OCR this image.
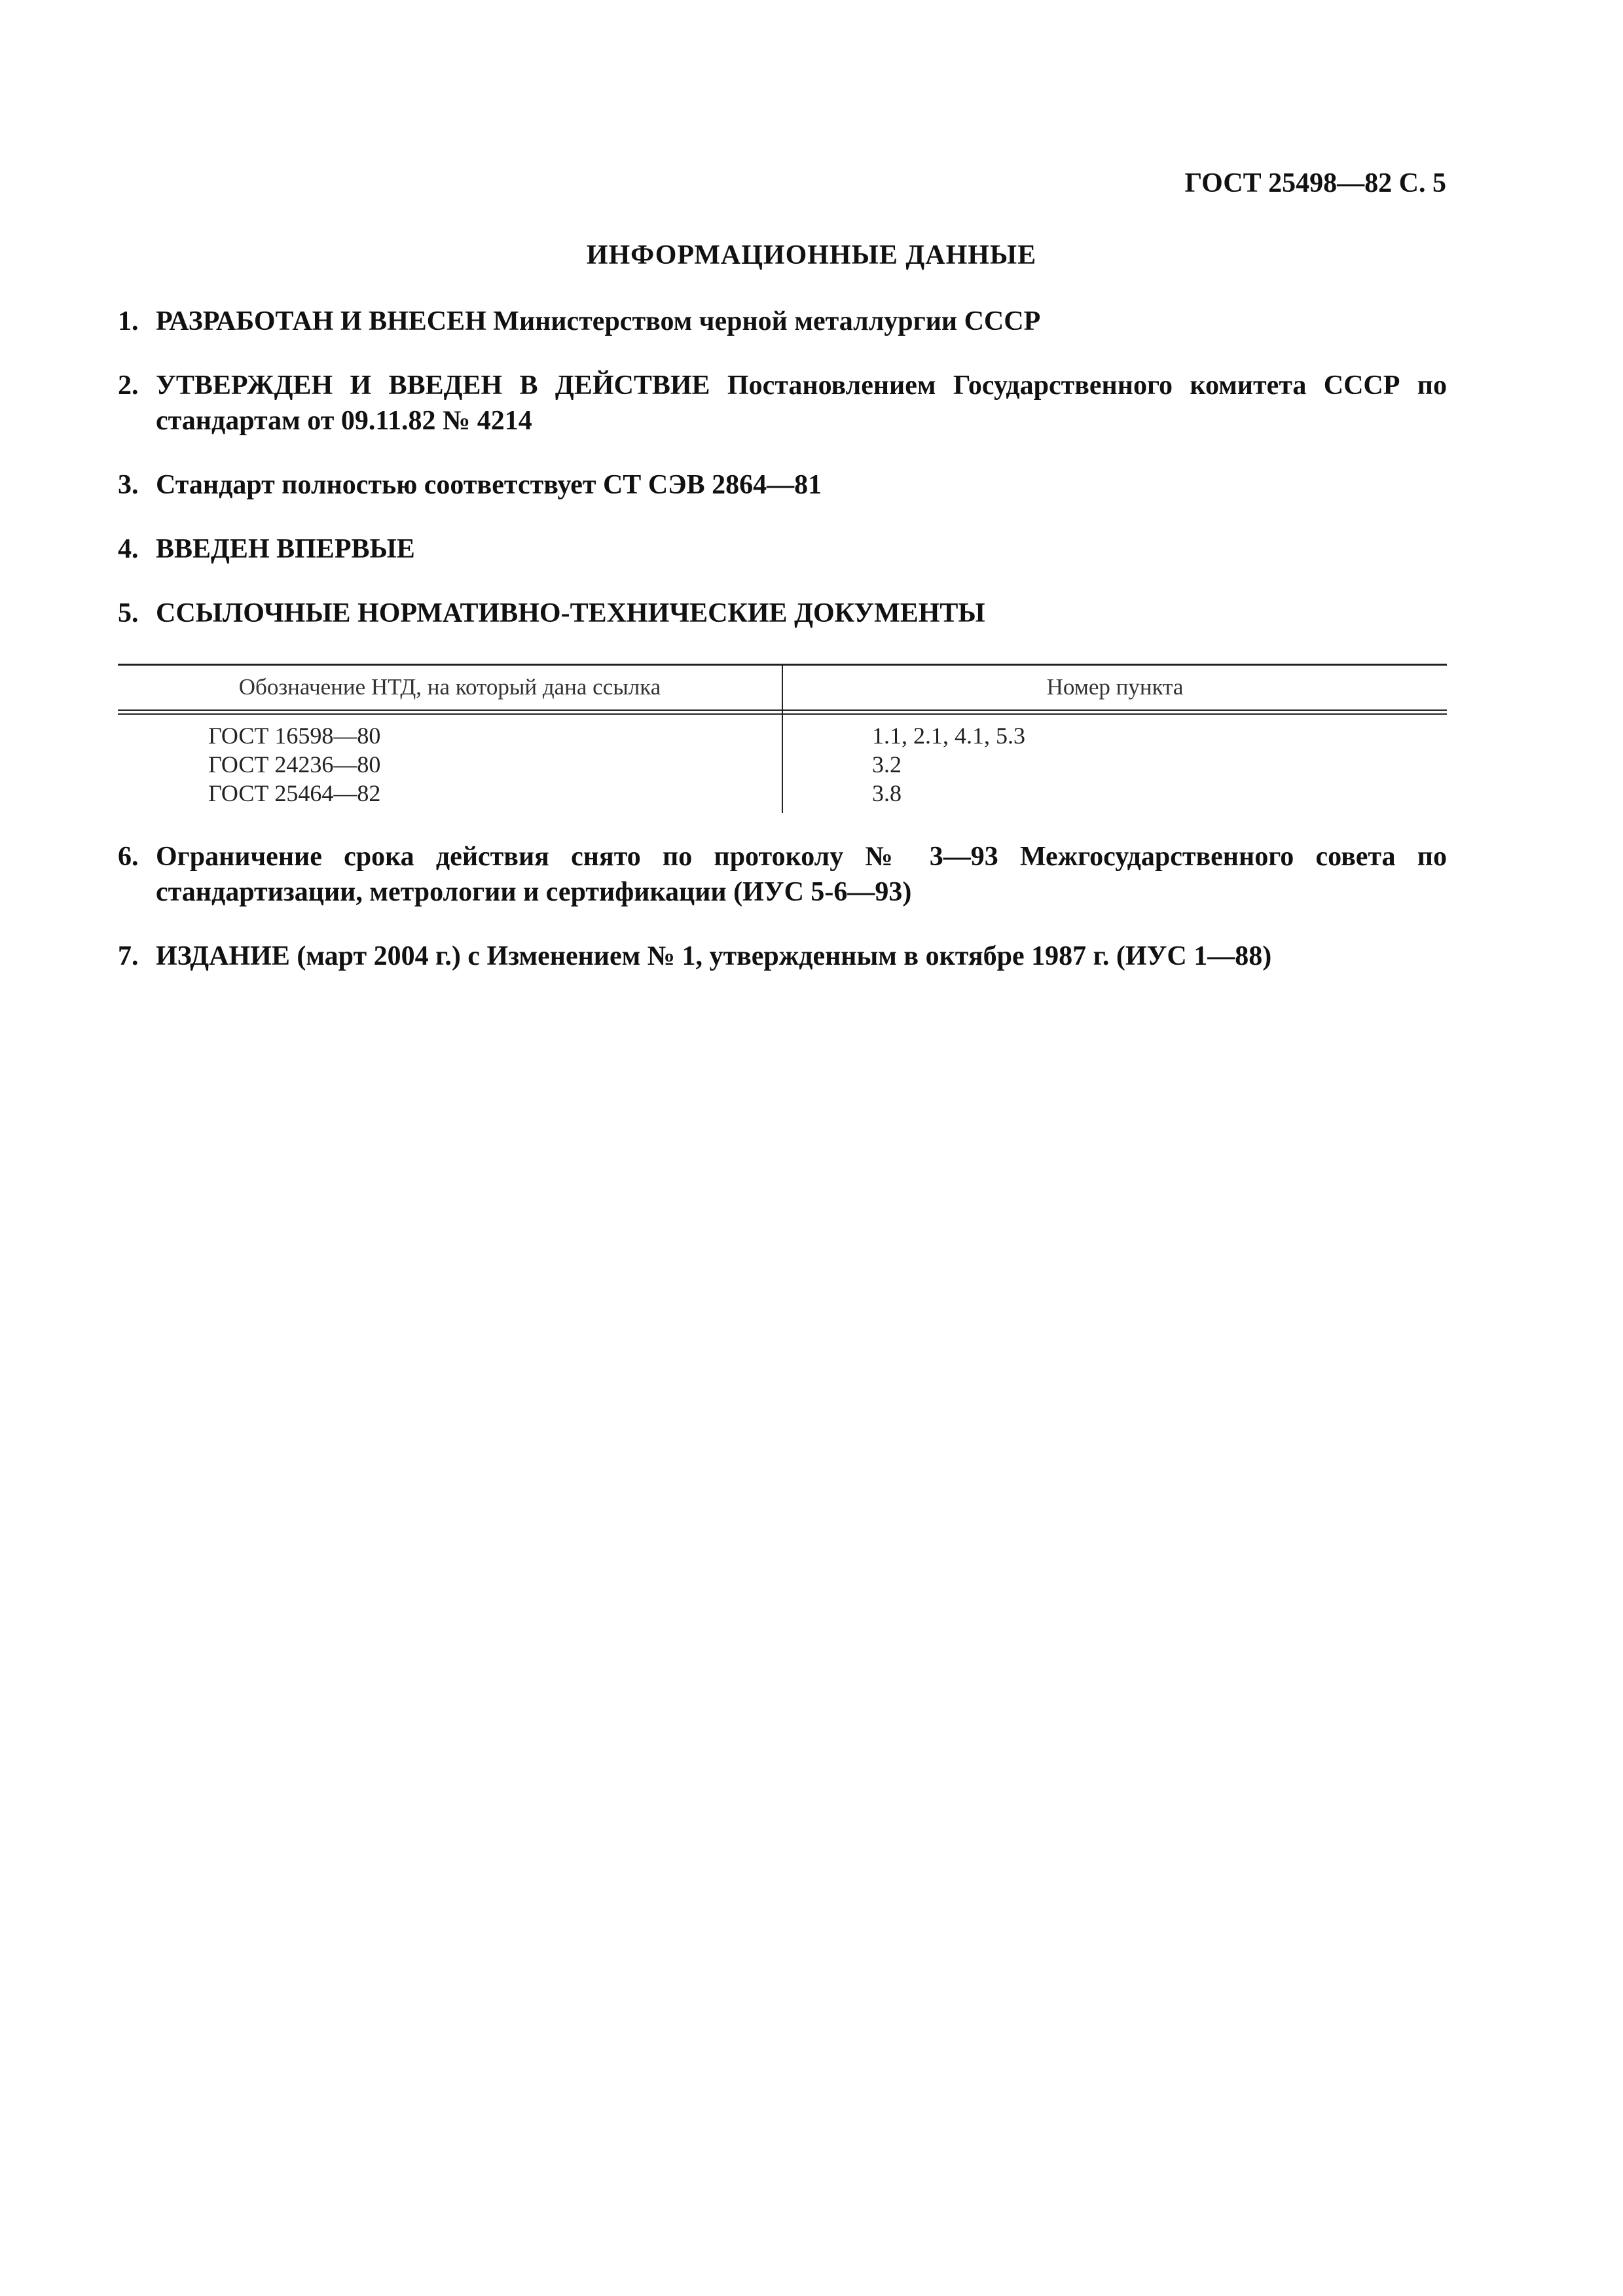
ГОСТ 25498—82 С. 5
ИНФОРМАЦИОННЫЕ ДАННЫЕ
1. РАЗРАБОТАН И ВНЕСЕН Министерством черной металлургии СССР
2. УТВЕРЖДЕН И ВВЕДЕН В ДЕЙСТВИЕ Постановлением Государственного комитета СССР по стандартам от 09.11.82 № 4214
3. Стандарт полностью соответствует СТ СЭВ 2864—81
4. ВВЕДЕН ВПЕРВЫЕ
5. ССЫЛОЧНЫЕ НОРМАТИВНО-ТЕХНИЧЕСКИЕ ДОКУМЕНТЫ
Обозначение НТД, на который дана ссылка	Номер пункта
ГОСТ 16598—80	1.1, 2.1, 4.1, 5.3
ГОСТ 24236—80	3.2
ГОСТ 25464—82	3.8
6. Ограничение срока действия снято по протоколу № 3—93 Межгосударственного совета по стандартизации, метрологии и сертификации (ИУС 5-6—93)
7. ИЗДАНИЕ (март 2004 г.) с Изменением № 1, утвержденным в октябре 1987 г. (ИУС 1—88)
